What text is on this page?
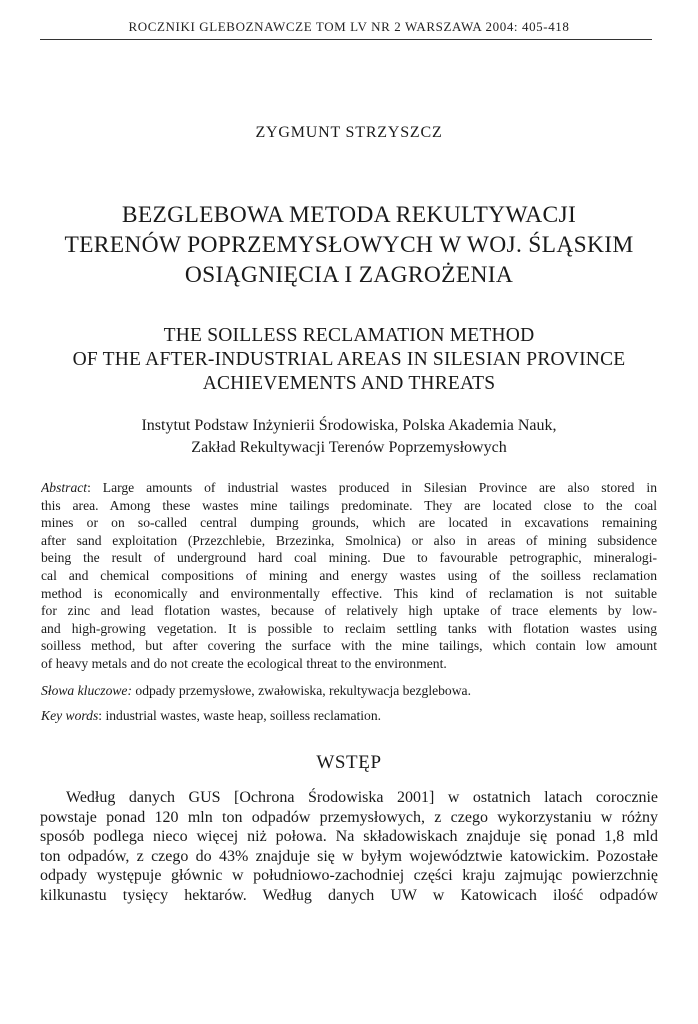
ROCZNIKI GLEBOZNAWCZE TOM LV NR 2 WARSZAWA 2004: 405-418
ZYGMUNT STRZYSZCZ
BEZGLEBOWA METODA REKULTYWACJI
TERENÓW POPRZEMYSŁOWYCH W WOJ. ŚLĄSKIM
OSIĄGNIĘCIA I ZAGROŻENIA
THE SOILLESS RECLAMATION METHOD
OF THE AFTER-INDUSTRIAL AREAS IN SILESIAN PROVINCE
ACHIEVEMENTS AND THREATS
Instytut Podstaw Inżynierii Środowiska, Polska Akademia Nauk,
Zakład Rekultywacji Terenów Poprzemysłowych
Abstract: Large amounts of industrial wastes produced in Silesian Province are also stored in
this area. Among these wastes mine tailings predominate. They are located close to the coal
mines or on so-called central dumping grounds, which are located in excavations remaining
after sand exploitation (Przezchlebie, Brzezinka, Smolnica) or also in areas of mining subsidence
being the result of underground hard coal mining. Due to favourable petrographic, mineralogi-
cal and chemical compositions of mining and energy wastes using of the soilless reclamation
method is economically and environmentally effective. This kind of reclamation is not suitable
for zinc and lead flotation wastes, because of relatively high uptake of trace elements by low-
and high-growing vegetation. It is possible to reclaim settling tanks with flotation wastes using
soilless method, but after covering the surface with the mine tailings, which contain low amount
of heavy metals and do not create the ecological threat to the environment.
Słowa kluczowe: odpady przemysłowe, zwałowiska, rekultywacja bezglebowa.
Key words: industrial wastes, waste heap, soilless reclamation.
WSTĘP
Według danych GUS [Ochrona Środowiska 2001] w ostatnich latach corocznie
powstaje ponad 120 mln ton odpadów przemysłowych, z czego wykorzystaniu w różny
sposób podlega nieco więcej niż połowa. Na składowiskach znajduje się ponad 1,8 mld
ton odpadów, z czego do 43% znajduje się w byłym województwie katowickim. Pozostałe
odpady występuje głównic w południowo-zachodniej części kraju zajmując powierzchnię
kilkunastu tysięcy hektarów. Według danych UW w Katowicach ilość odpadów
